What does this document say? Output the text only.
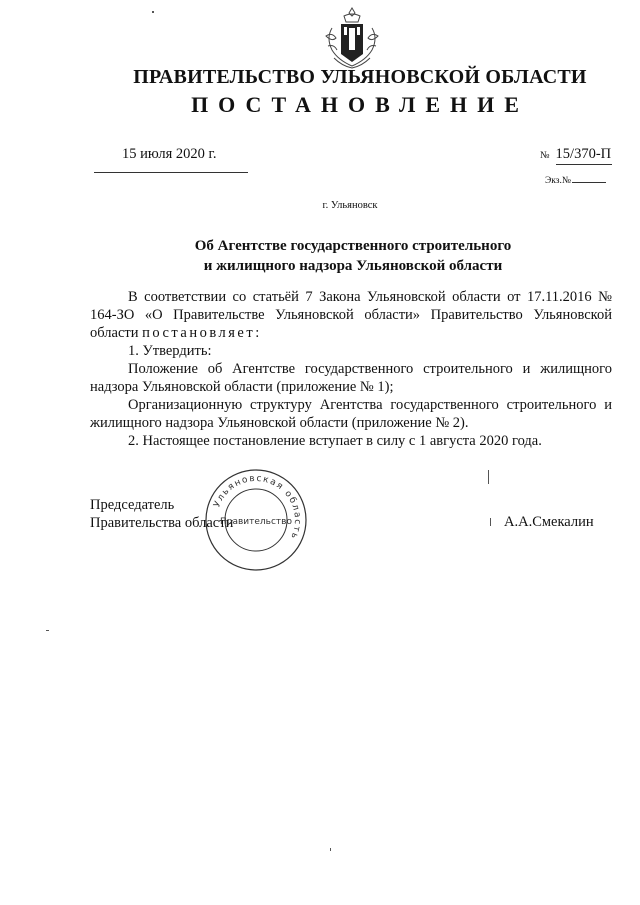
ПРАВИТЕЛЬСТВО УЛЬЯНОВСКОЙ ОБЛАСТИ
ПОСТАНОВЛЕНИЕ
15 июля 2020 г.	№ 15/370-П
Экз.№
г. Ульяновск
Об Агентстве государственного строительного
и жилищного надзора Ульяновской области

В соответствии со статьёй 7 Закона Ульяновской области от 17.11.2016 № 164-ЗО «О Правительстве Ульяновской области» Правительство Ульяновской области постановляет:

1. Утвердить:

Положение об Агентстве государственного строительного и жилищного надзора Ульяновской области (приложение № 1);

Организационную структуру Агентства государственного строительного и жилищного надзора Ульяновской области (приложение № 2).

2. Настоящее постановление вступает в силу с 1 августа 2020 года.

Председатель
Правительства области	А.А.Смекалин
Ульяновская область
Правительство
